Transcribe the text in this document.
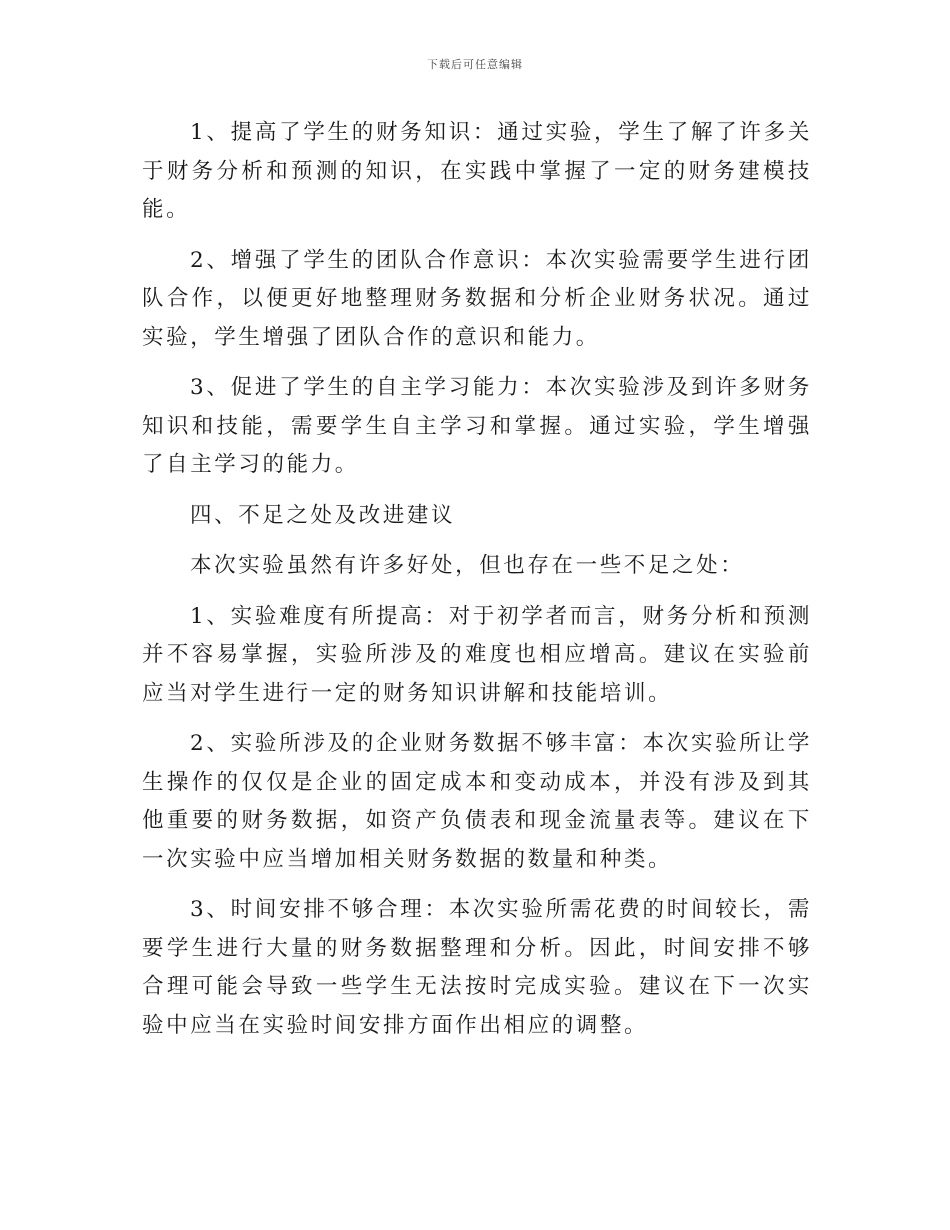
下载后可任意编辑

1、提高了学生的财务知识：通过实验，学生了解了许多关于财务分析和预测的知识，在实践中掌握了一定的财务建模技能。

2、增强了学生的团队合作意识：本次实验需要学生进行团队合作，以便更好地整理财务数据和分析企业财务状况。通过实验，学生增强了团队合作的意识和能力。

3、促进了学生的自主学习能力：本次实验涉及到许多财务知识和技能，需要学生自主学习和掌握。通过实验，学生增强了自主学习的能力。

四、不足之处及改进建议

本次实验虽然有许多好处，但也存在一些不足之处：

1、实验难度有所提高：对于初学者而言，财务分析和预测并不容易掌握，实验所涉及的难度也相应增高。建议在实验前应当对学生进行一定的财务知识讲解和技能培训。

2、实验所涉及的企业财务数据不够丰富：本次实验所让学生操作的仅仅是企业的固定成本和变动成本，并没有涉及到其他重要的财务数据，如资产负债表和现金流量表等。建议在下一次实验中应当增加相关财务数据的数量和种类。

3、时间安排不够合理：本次实验所需花费的时间较长，需要学生进行大量的财务数据整理和分析。因此，时间安排不够合理可能会导致一些学生无法按时完成实验。建议在下一次实验中应当在实验时间安排方面作出相应的调整。
